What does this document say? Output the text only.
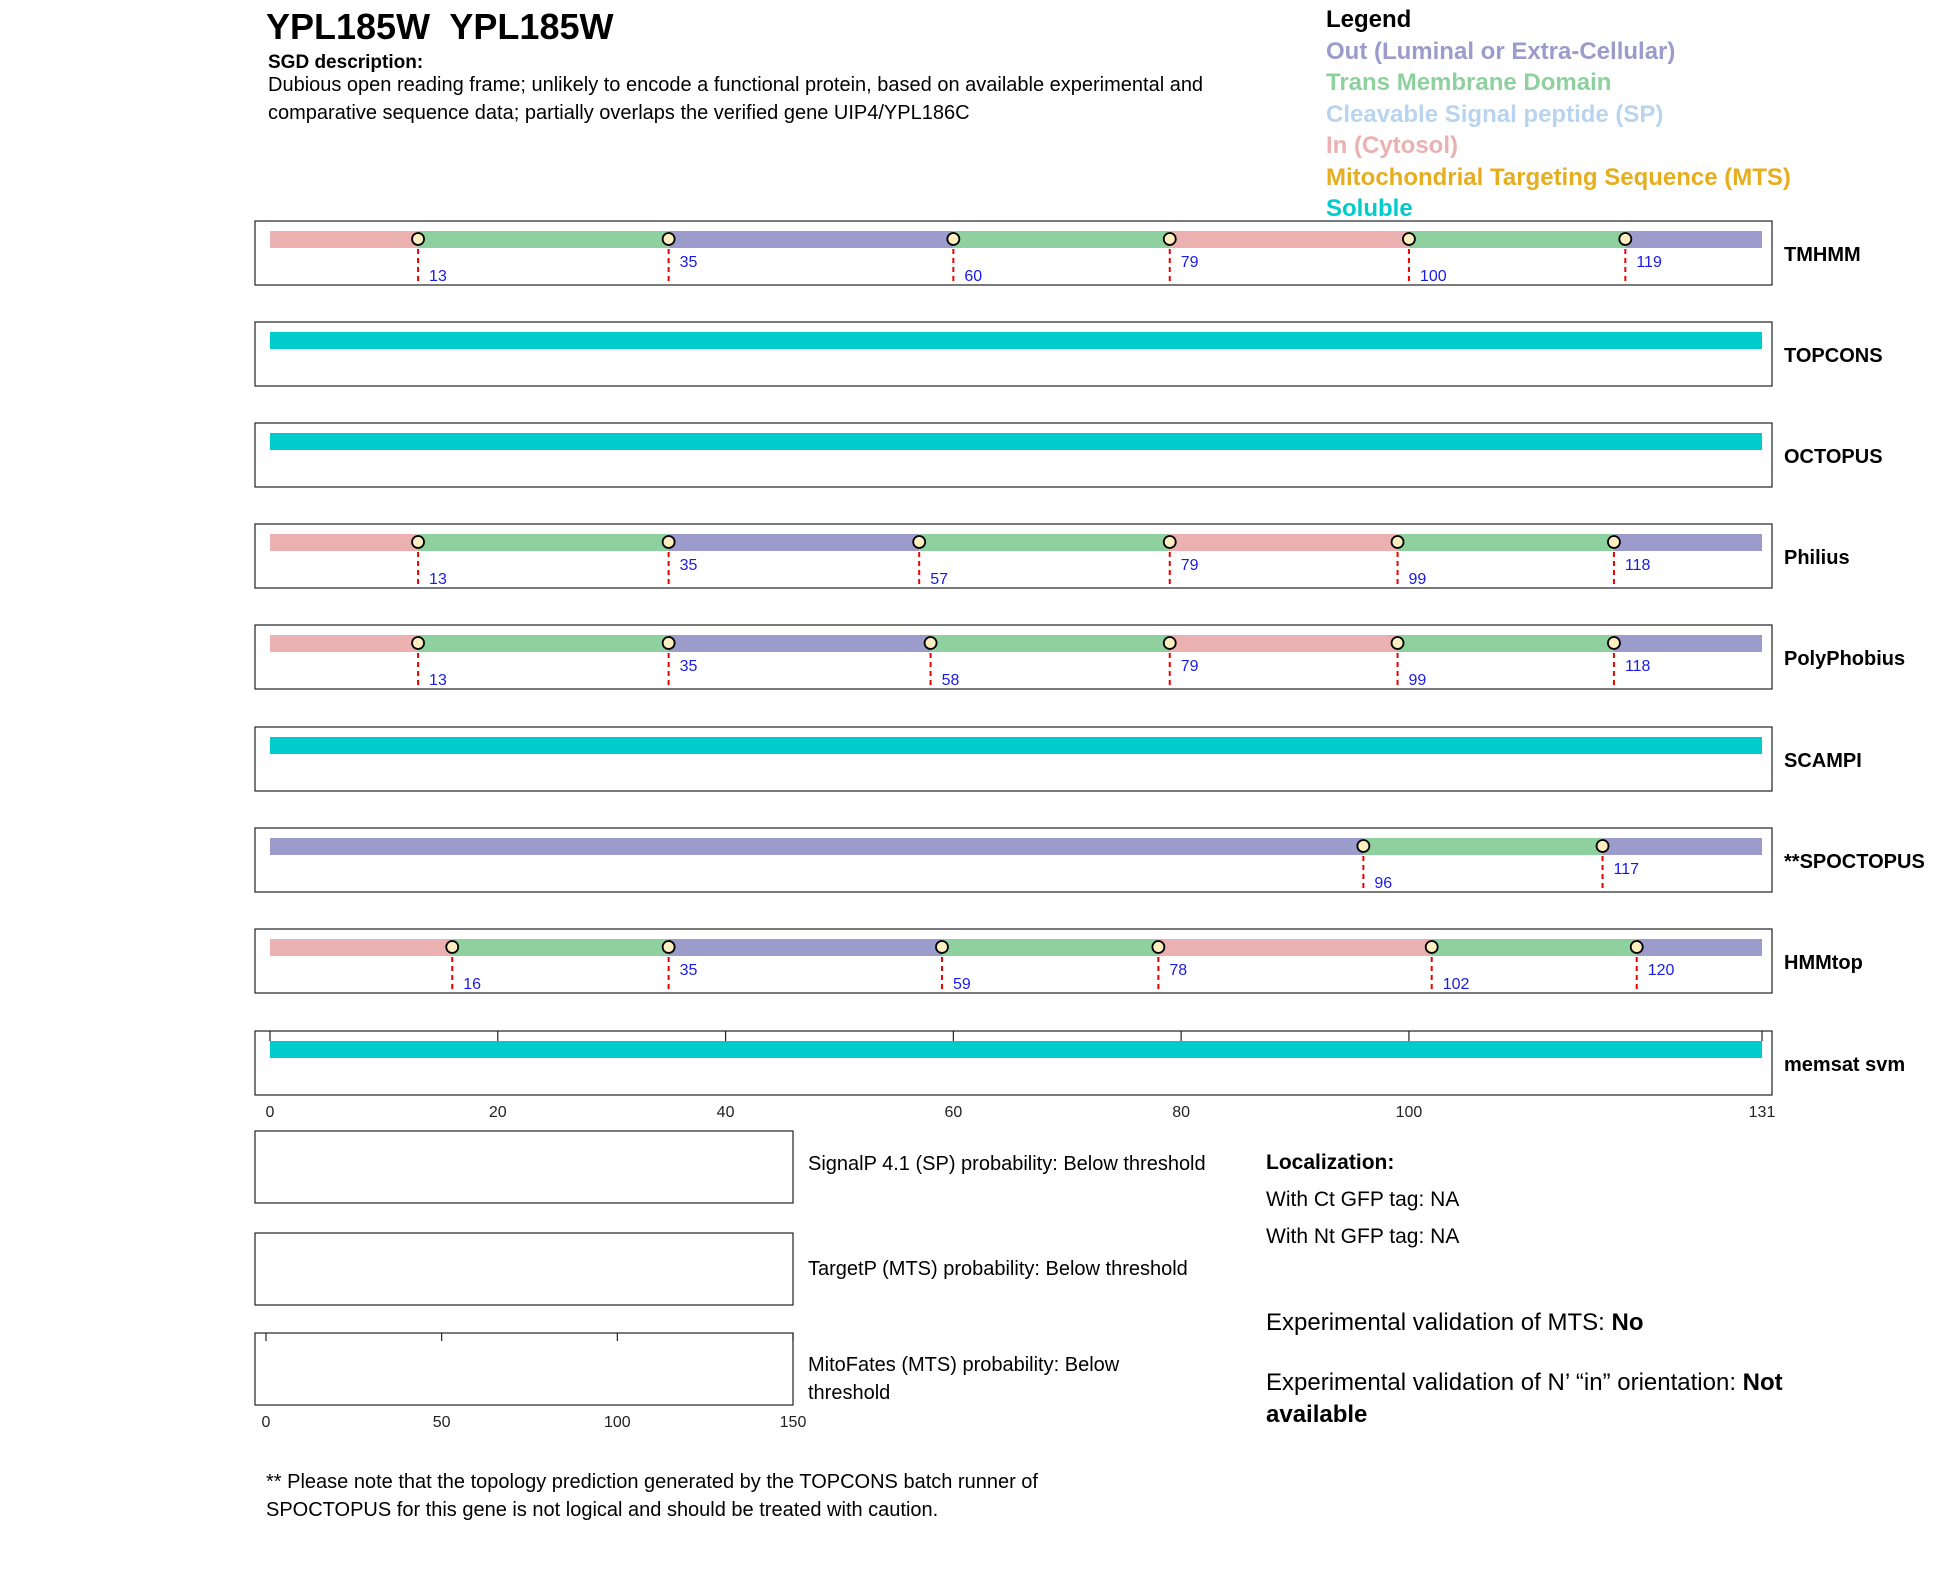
13
35
60
79
100
119	TMHMM
TOPCONS
OCTOPUS
13
35
57
79
99
118	Philius
13
35
58
79
99
118	PolyPhobius
SCAMPI
96
117	**SPOCTOPUS
16
35
59
78
102
120	HMMtop
memsat svm
0	20	40	60	80	100	131
0	50	100	150
YPL185W  YPL185W
SGD description:
Dubious open reading frame; unlikely to encode a functional protein, based on available experimental and comparative sequence data; partially overlaps the verified gene UIP4/YPL186C
Legend
Out (Luminal or Extra-Cellular)
Trans Membrane Domain
Cleavable Signal peptide (SP)
In (Cytosol)
Mitochondrial Targeting Sequence (MTS)
Soluble
SignalP 4.1 (SP) probability: Below threshold
TargetP (MTS) probability: Below threshold
MitoFates (MTS) probability: Below threshold
Localization:
With Ct GFP tag: NA
With Nt GFP tag: NA
Experimental validation of MTS: No
Experimental validation of N’ “in” orientation: Not available
** Please note that the topology prediction generated by the TOPCONS batch runner of SPOCTOPUS for this gene is not logical and should be treated with caution.
